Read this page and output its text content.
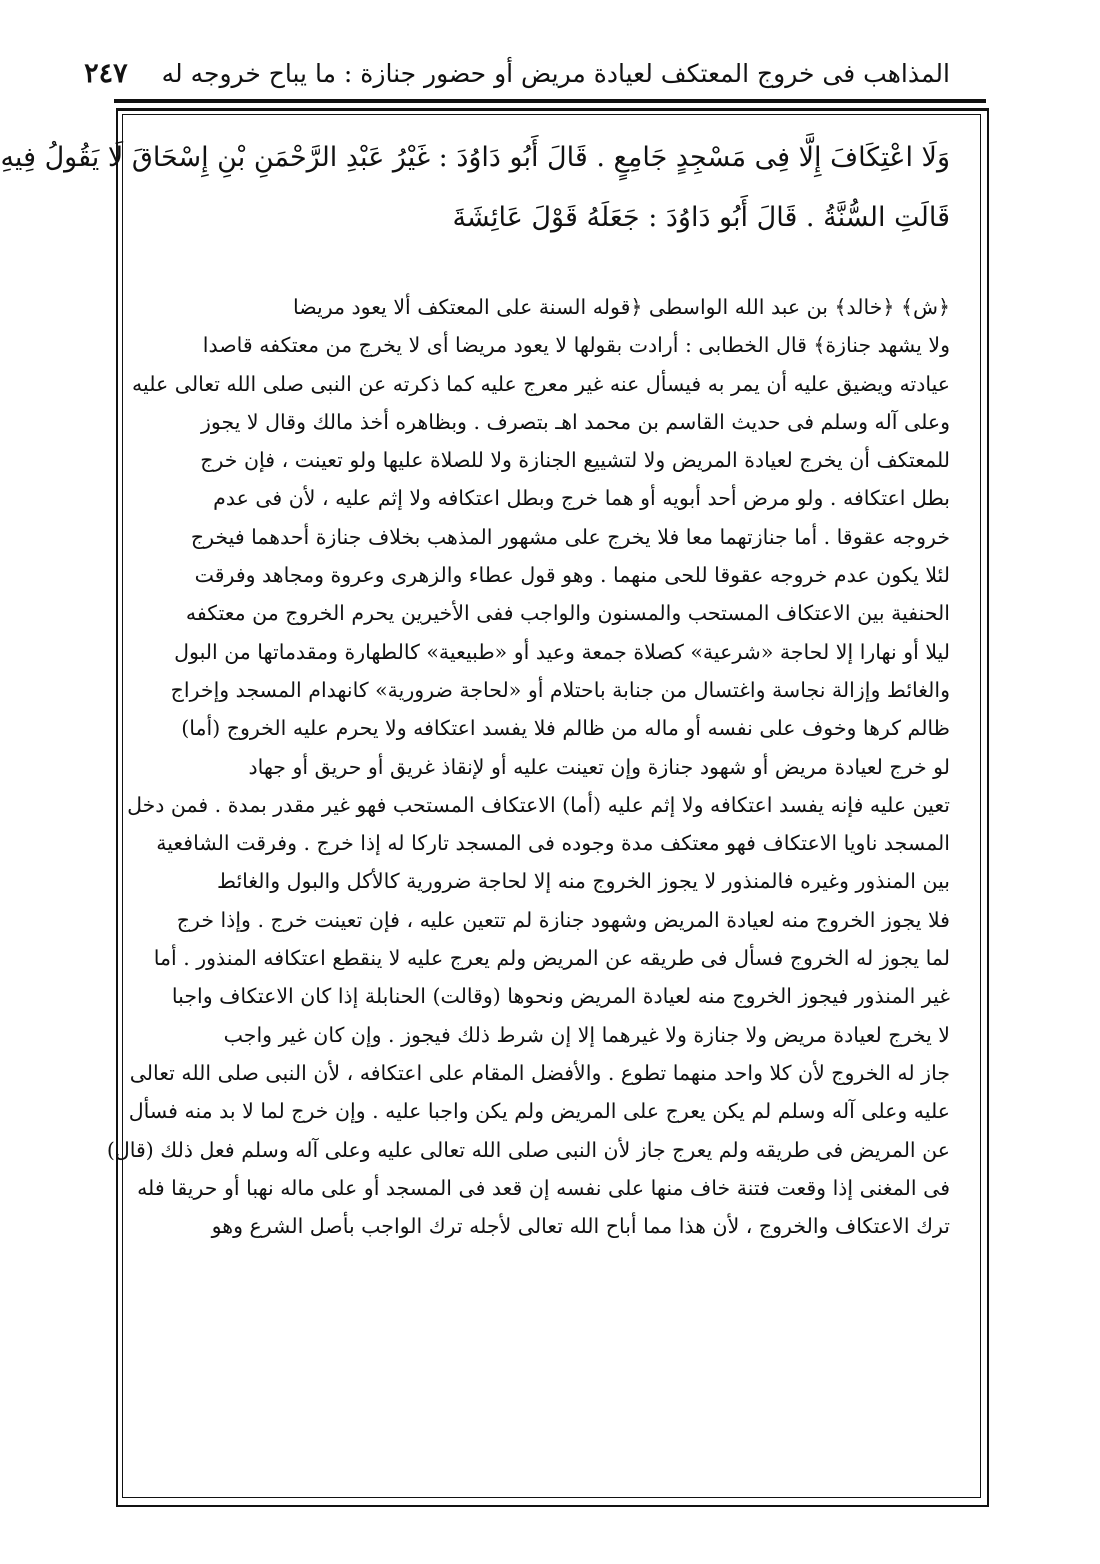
المذاهب فى خروج المعتكف لعيادة مريض أو حضور جنازة : ما يباح خروجه له
٢٤٧
وَلَا اعْتِكَافَ إِلَّا فِى مَسْجِدٍ جَامِعٍ . قَالَ أَبُو دَاوُدَ : غَيْرُ عَبْدِ الرَّحْمَنِ بْنِ إِسْحَاقَ لَا يَقُولُ فِيهِ
قَالَتِ السُّنَّةُ . قَالَ أَبُو دَاوُدَ : جَعَلَهُ قَوْلَ عَائِشَةَ
﴿ش﴾ ﴿خالد﴾ بن عبد الله الواسطى ﴿قوله السنة على المعتكف ألا يعود مريضا
ولا يشهد جنازة﴾ قال الخطابى : أرادت بقولها لا يعود مريضا أى لا يخرج من معتكفه قاصدا
عيادته ويضيق عليه أن يمر به فيسأل عنه غير معرج عليه كما ذكرته عن النبى صلى الله تعالى عليه
وعلى آله وسلم فى حديث القاسم بن محمد اهـ بتصرف . وبظاهره أخذ مالك وقال لا يجوز
للمعتكف أن يخرج لعيادة المريض ولا لتشييع الجنازة ولا للصلاة عليها ولو تعينت ، فإن خرج
بطل اعتكافه . ولو مرض أحد أبويه أو هما خرج وبطل اعتكافه ولا إثم عليه ، لأن فى عدم
خروجه عقوقا . أما جنازتهما معا فلا يخرج على مشهور المذهب بخلاف جنازة أحدهما فيخرج
لئلا يكون عدم خروجه عقوقا للحى منهما . وهو قول عطاء والزهرى وعروة ومجاهد وفرقت
الحنفية بين الاعتكاف المستحب والمسنون والواجب ففى الأخيرين يحرم الخروج من معتكفه
ليلا أو نهارا إلا لحاجة «شرعية» كصلاة جمعة وعيد أو «طبيعية» كالطهارة ومقدماتها من البول
والغائط وإزالة نجاسة واغتسال من جنابة باحتلام أو «لحاجة ضرورية» كانهدام المسجد وإخراج
ظالم كرها وخوف على نفسه أو ماله من ظالم فلا يفسد اعتكافه ولا يحرم عليه الخروج (أما)
لو خرج لعيادة مريض أو شهود جنازة وإن تعينت عليه أو لإنقاذ غريق أو حريق أو جهاد
تعين عليه فإنه يفسد اعتكافه ولا إثم عليه (أما) الاعتكاف المستحب فهو غير مقدر بمدة . فمن دخل
المسجد ناويا الاعتكاف فهو معتكف مدة وجوده فى المسجد تاركا له إذا خرج . وفرقت الشافعية
بين المنذور وغيره فالمنذور لا يجوز الخروج منه إلا لحاجة ضرورية كالأكل والبول والغائط
فلا يجوز الخروج منه لعيادة المريض وشهود جنازة لم تتعين عليه ، فإن تعينت خرج . وإذا خرج
لما يجوز له الخروج فسأل فى طريقه عن المريض ولم يعرج عليه لا ينقطع اعتكافه المنذور . أما
غير المنذور فيجوز الخروج منه لعيادة المريض ونحوها (وقالت) الحنابلة إذا كان الاعتكاف واجبا
لا يخرج لعيادة مريض ولا جنازة ولا غيرهما إلا إن شرط ذلك فيجوز . وإن كان غير واجب
جاز له الخروج لأن كلا واحد منهما تطوع . والأفضل المقام على اعتكافه ، لأن النبى صلى الله تعالى
عليه وعلى آله وسلم لم يكن يعرج على المريض ولم يكن واجبا عليه . وإن خرج لما لا بد منه فسأل
عن المريض فى طريقه ولم يعرج جاز لأن النبى صلى الله تعالى عليه وعلى آله وسلم فعل ذلك (قال)
فى المغنى إذا وقعت فتنة خاف منها على نفسه إن قعد فى المسجد أو على ماله نهبا أو حريقا فله
ترك الاعتكاف والخروج ، لأن هذا مما أباح الله تعالى لأجله ترك الواجب بأصل الشرع وهو
